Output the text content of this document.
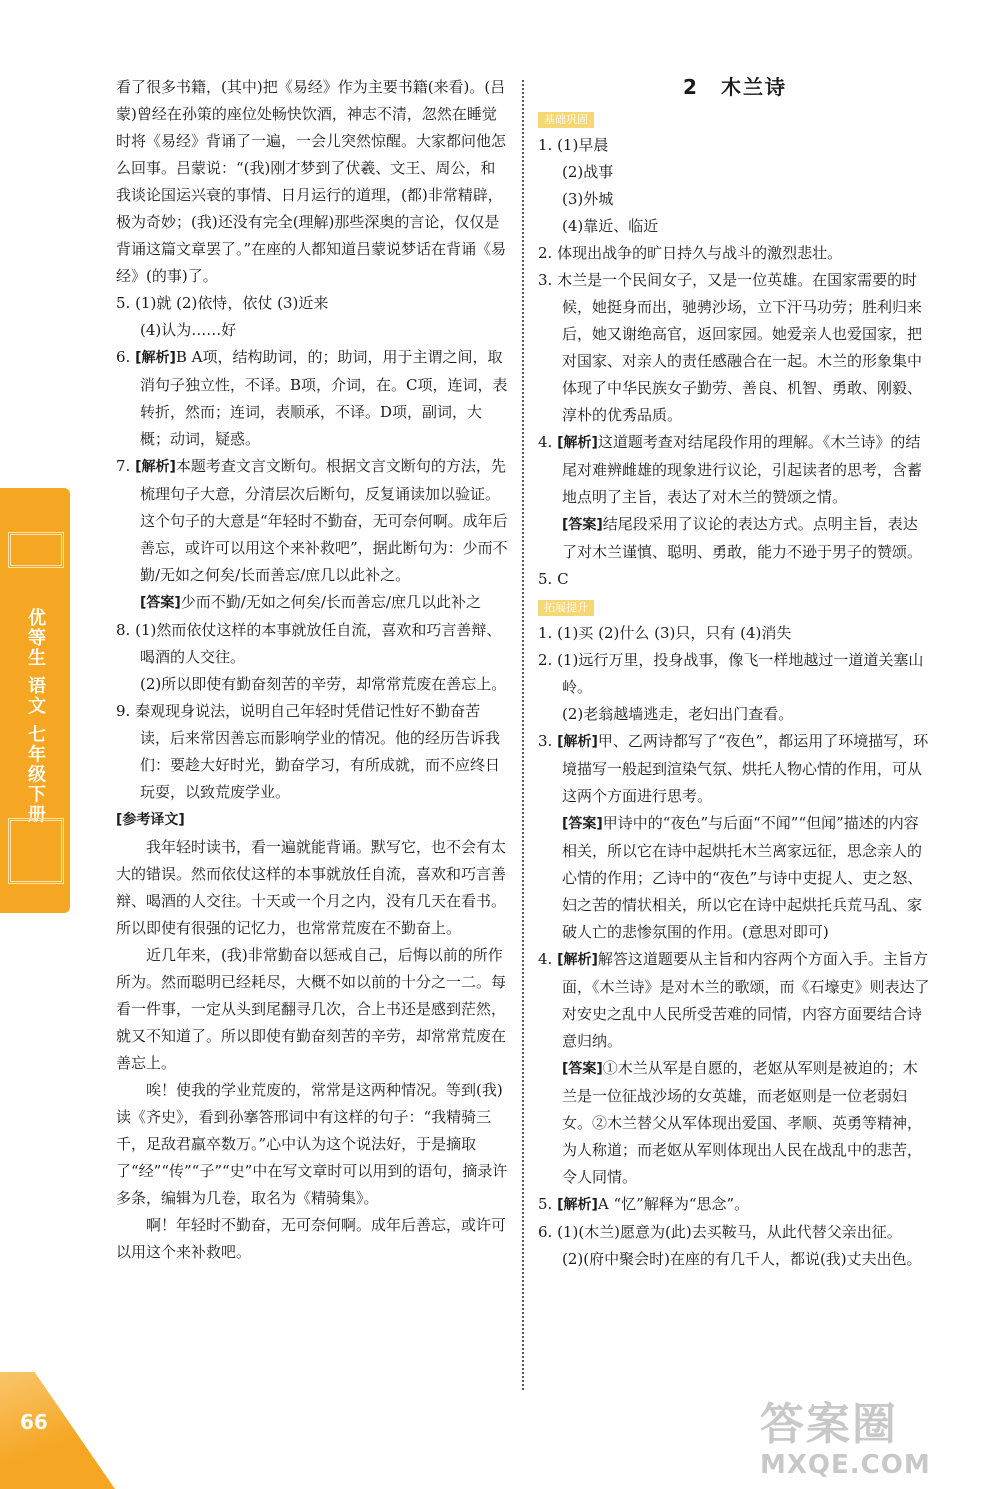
优等生 语文 七年级下册
66

看了很多书籍，(其中)把《易经》作为主要书籍(来看)。(吕蒙)曾经在孙策的座位处畅快饮酒，神志不清，忽然在睡觉时将《易经》背诵了一遍，一会儿突然惊醒。大家都问他怎么回事。吕蒙说：“(我)刚才梦到了伏羲、文王、周公，和我谈论国运兴衰的事情、日月运行的道理，(都)非常精辟，极为奇妙；(我)还没有完全(理解)那些深奥的言论，仅仅是背诵这篇文章罢了。”在座的人都知道吕蒙说梦话在背诵《易经》(的事)了。

5. (1)就 (2)依恃，依仗 (3)近来

(4)认为……好

6. [解析]B A项，结构助词，的；助词，用于主谓之间，取消句子独立性，不译。B项，介词，在。C项，连词，表转折，然而；连词，表顺承，不译。D项，副词，大概；动词，疑惑。

7. [解析]本题考查文言文断句。根据文言文断句的方法，先梳理句子大意，分清层次后断句，反复诵读加以验证。这个句子的大意是“年轻时不勤奋，无可奈何啊。成年后善忘，或许可以用这个来补救吧”，据此断句为：少而不勤/无如之何矣/长而善忘/庶几以此补之。

[答案]少而不勤/无如之何矣/长而善忘/庶几以此补之

8. (1)然而依仗这样的本事就放任自流，喜欢和巧言善辩、喝酒的人交往。

(2)所以即使有勤奋刻苦的辛劳，却常常荒废在善忘上。

9. 秦观现身说法，说明自己年轻时凭借记性好不勤奋苦读，后来常因善忘而影响学业的情况。他的经历告诉我们：要趁大好时光，勤奋学习，有所成就，而不应终日玩耍，以致荒废学业。

[参考译文]

我年轻时读书，看一遍就能背诵。默写它，也不会有太大的错误。然而依仗这样的本事就放任自流，喜欢和巧言善辩、喝酒的人交往。十天或一个月之内，没有几天在看书。所以即使有很强的记忆力，也常常荒废在不勤奋上。

近几年来，(我)非常勤奋以惩戒自己，后悔以前的所作所为。然而聪明已经耗尽，大概不如以前的十分之一二。每看一件事，一定从头到尾翻寻几次，合上书还是感到茫然，就又不知道了。所以即使有勤奋刻苦的辛劳，却常常荒废在善忘上。

唉！使我的学业荒废的，常常是这两种情况。等到(我)读《齐史》，看到孙搴答邢词中有这样的句子：“我精骑三千，足敌君羸卒数万。”心中认为这个说法好，于是摘取了“经”“传”“子”“史”中在写文章时可以用到的语句，摘录许多条，编辑为几卷，取名为《精骑集》。

啊！年轻时不勤奋，无可奈何啊。成年后善忘，或许可以用这个来补救吧。

2　木兰诗

基础巩固

1. (1)早晨

(2)战事

(3)外城

(4)靠近、临近

2. 体现出战争的旷日持久与战斗的激烈悲壮。

3. 木兰是一个民间女子，又是一位英雄。在国家需要的时候，她挺身而出，驰骋沙场，立下汗马功劳；胜利归来后，她又谢绝高官，返回家园。她爱亲人也爱国家，把对国家、对亲人的责任感融合在一起。木兰的形象集中体现了中华民族女子勤劳、善良、机智、勇敢、刚毅、淳朴的优秀品质。

4. [解析]这道题考查对结尾段作用的理解。《木兰诗》的结尾对难辨雌雄的现象进行议论，引起读者的思考，含蓄地点明了主旨，表达了对木兰的赞颂之情。

[答案]结尾段采用了议论的表达方式。点明主旨，表达了对木兰谨慎、聪明、勇敢，能力不逊于男子的赞颂。

5. C

拓展提升

1. (1)买 (2)什么 (3)只，只有 (4)消失

2. (1)远行万里，投身战事，像飞一样地越过一道道关塞山岭。

(2)老翁越墙逃走，老妇出门查看。

3. [解析]甲、乙两诗都写了“夜色”，都运用了环境描写，环境描写一般起到渲染气氛、烘托人物心情的作用，可从这两个方面进行思考。

[答案]甲诗中的“夜色”与后面“不闻”“但闻”描述的内容相关，所以它在诗中起烘托木兰离家远征，思念亲人的心情的作用；乙诗中的“夜色”与诗中吏捉人、吏之怒、妇之苦的情状相关，所以它在诗中起烘托兵荒马乱、家破人亡的悲惨氛围的作用。(意思对即可)

4. [解析]解答这道题要从主旨和内容两个方面入手。主旨方面，《木兰诗》是对木兰的歌颂，而《石壕吏》则表达了对安史之乱中人民所受苦难的同情，内容方面要结合诗意归纳。

[答案]①木兰从军是自愿的，老妪从军则是被迫的；木兰是一位征战沙场的女英雄，而老妪则是一位老弱妇女。②木兰替父从军体现出爱国、孝顺、英勇等精神，为人称道；而老妪从军则体现出人民在战乱中的悲苦，令人同情。

5. [解析]A “忆”解释为“思念”。

6. (1)(木兰)愿意为(此)去买鞍马，从此代替父亲出征。

(2)(府中聚会时)在座的有几千人，都说(我)丈夫出色。

答案圈
MXQE.COM
